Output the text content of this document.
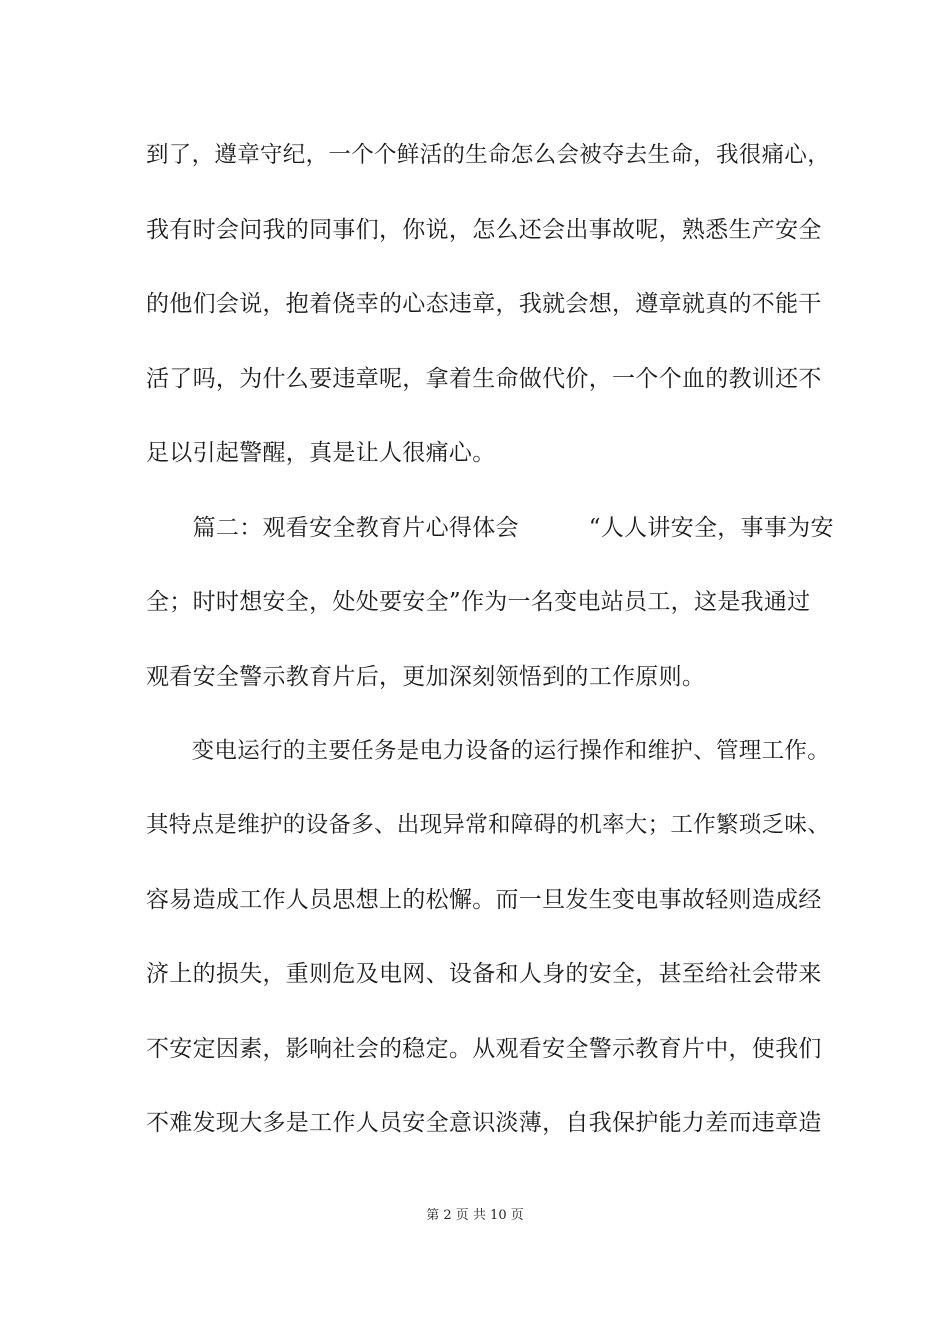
到了，遵章守纪，一个个鲜活的生命怎么会被夺去生命，我很痛心，
我有时会问我的同事们，你说，怎么还会出事故呢，熟悉生产安全
的他们会说，抱着侥幸的心态违章，我就会想，遵章就真的不能干
活了吗，为什么要违章呢，拿着生命做代价，一个个血的教训还不
足以引起警醒，真是让人很痛心。
　　篇二：观看安全教育片心得体会　　　“人人讲安全，事事为安
全；时时想安全，处处要安全”作为一名变电站员工，这是我通过
观看安全警示教育片后，更加深刻领悟到的工作原则。
　　变电运行的主要任务是电力设备的运行操作和维护、管理工作。
其特点是维护的设备多、出现异常和障碍的机率大；工作繁琐乏味、
容易造成工作人员思想上的松懈。而一旦发生变电事故轻则造成经
济上的损失，重则危及电网、设备和人身的安全，甚至给社会带来
不安定因素，影响社会的稳定。从观看安全警示教育片中，使我们
不难发现大多是工作人员安全意识淡薄，自我保护能力差而违章造
第 2 页 共 10 页
